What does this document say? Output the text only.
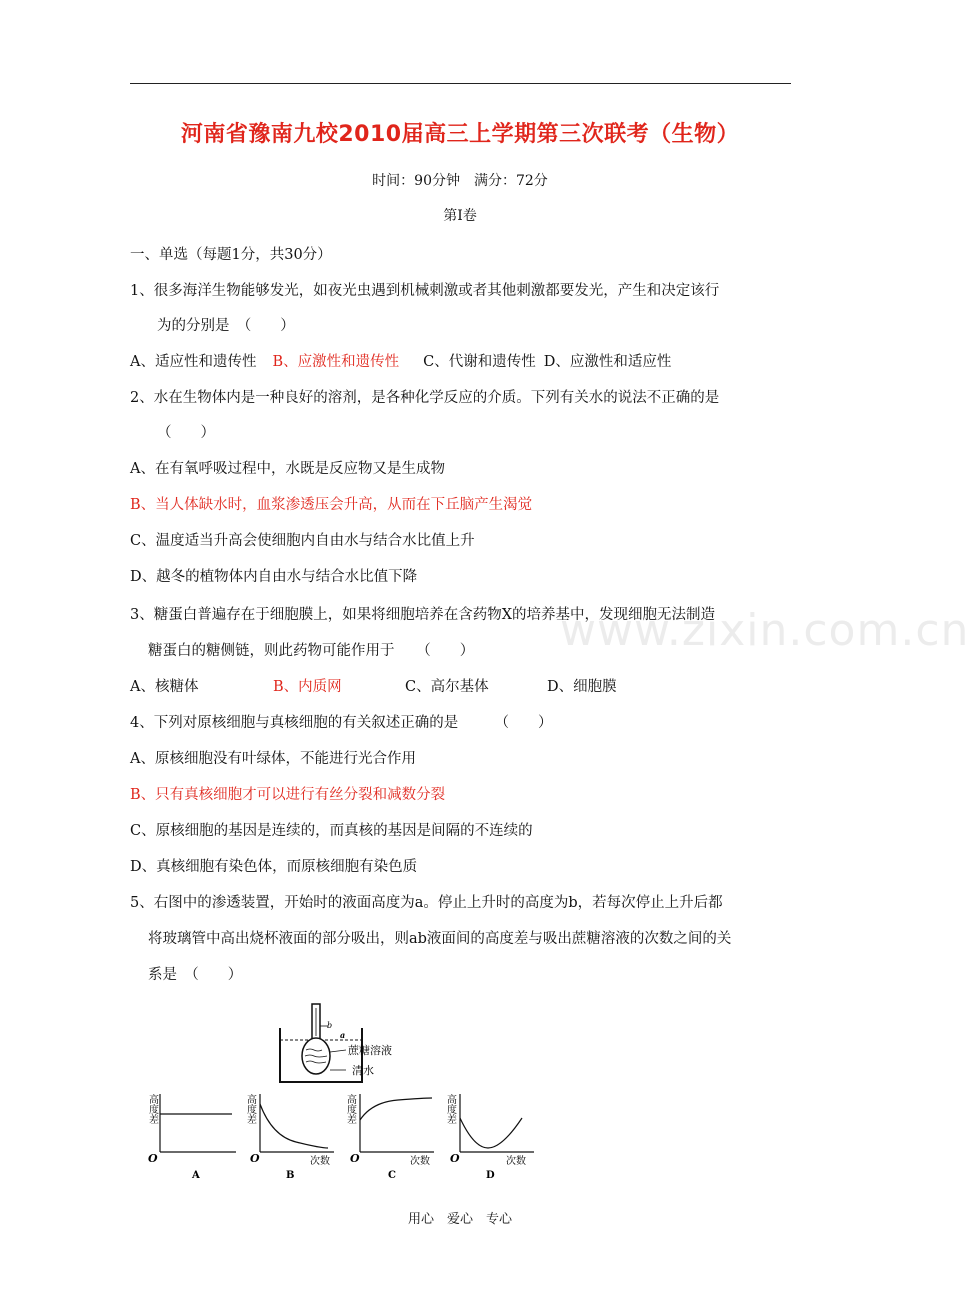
河南省豫南九校2010届高三上学期第三次联考（生物）
时间：90分钟　满分：72分
第I卷
www.zixin.com.cn
一、单选（每题1分，共30分）
1、很多海洋生物能够发光，如夜光虫遇到机械刺激或者其他刺激都要发光，产生和决定该行
为的分别是　（　　）
A、适应性和遗传性 B、应激性和遗传性 C、代谢和遗传性 D、应激性和适应性
2、水在生物体内是一种良好的溶剂，是各种化学反应的介质。下列有关水的说法不正确的是
（　　）
A、在有氧呼吸过程中，水既是反应物又是生成物
B、当人体缺水时，血浆渗透压会升高，从而在下丘脑产生渴觉
C、温度适当升高会使细胞内自由水与结合水比值上升
D、越冬的植物体内自由水与结合水比值下降
3、糖蛋白普遍存在于细胞膜上，如果将细胞培养在含药物X的培养基中，发现细胞无法制造
糖蛋白的糖侧链，则此药物可能作用于　　（　　）
A、核糖体	B、内质网	C、高尔基体	D、细胞膜
4、下列对原核细胞与真核细胞的有关叙述正确的是　　　（　　）
A、原核细胞没有叶绿体，不能进行光合作用
B、只有真核细胞才可以进行有丝分裂和减数分裂
C、原核细胞的基因是连续的，而真核的基因是间隔的不连续的
D、真核细胞有染色体，而原核细胞有染色质
5、右图中的渗透装置，开始时的液面高度为a。停止上升时的高度为b，若每次停止上升后都
将玻璃管中高出烧杯液面的部分吸出，则ab液面间的高度差与吸出蔗糖溶液的次数之间的关
系是　（　　）
b
a
蔗糖溶液
清水
高度差
O
A
高度差
O	次数
B
高度差
O	次数
C
高度差
O	次数
D
用心　爱心　专心
